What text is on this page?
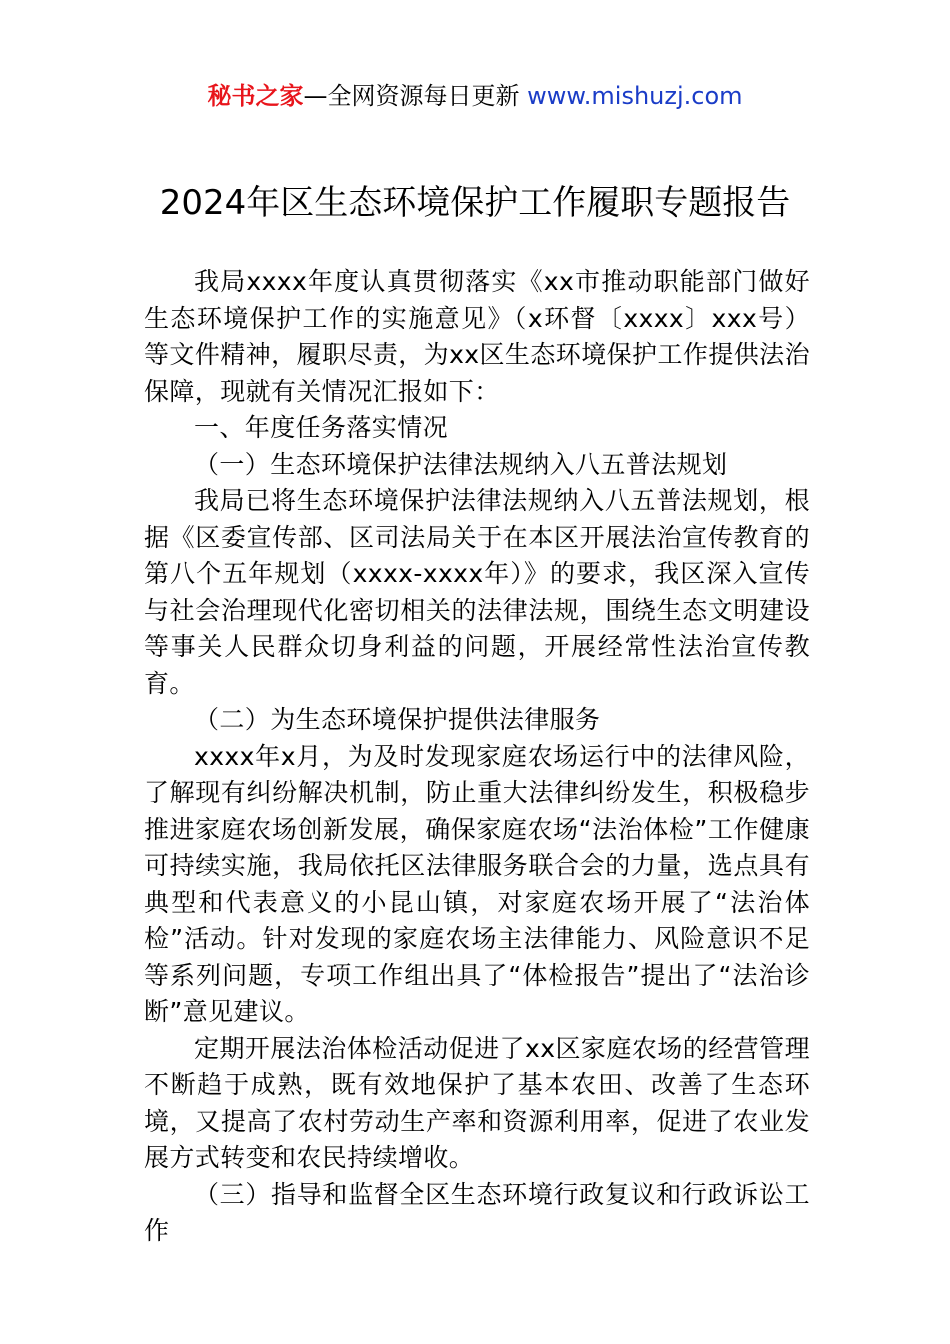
秘书之家—全网资源每日更新 www.mishuzj.com
2024年区生态环境保护工作履职专题报告

我局xxxx年度认真贯彻落实《xx市推动职能部门做好生态环境保护工作的实施意见》（x环督〔xxxx〕xxx号）等文件精神，履职尽责，为xx区生态环境保护工作提供法治保障，现就有关情况汇报如下：

一、年度任务落实情况

（一）生态环境保护法律法规纳入八五普法规划

我局已将生态环境保护法律法规纳入八五普法规划，根据《区委宣传部、区司法局关于在本区开展法治宣传教育的第八个五年规划（xxxx-xxxx年）》的要求，我区深入宣传与社会治理现代化密切相关的法律法规，围绕生态文明建设等事关人民群众切身利益的问题，开展经常性法治宣传教育。

（二）为生态环境保护提供法律服务

xxxx年x月，为及时发现家庭农场运行中的法律风险，了解现有纠纷解决机制，防止重大法律纠纷发生，积极稳步推进家庭农场创新发展，确保家庭农场“法治体检”工作健康可持续实施，我局依托区法律服务联合会的力量，选点具有典型和代表意义的小昆山镇，对家庭农场开展了“法治体检”活动。针对发现的家庭农场主法律能力、风险意识不足等系列问题，专项工作组出具了“体检报告”提出了“法治诊断”意见建议。

定期开展法治体检活动促进了xx区家庭农场的经营管理不断趋于成熟，既有效地保护了基本农田、改善了生态环境，又提高了农村劳动生产率和资源利用率，促进了农业发展方式转变和农民持续增收。

（三）指导和监督全区生态环境行政复议和行政诉讼工作
